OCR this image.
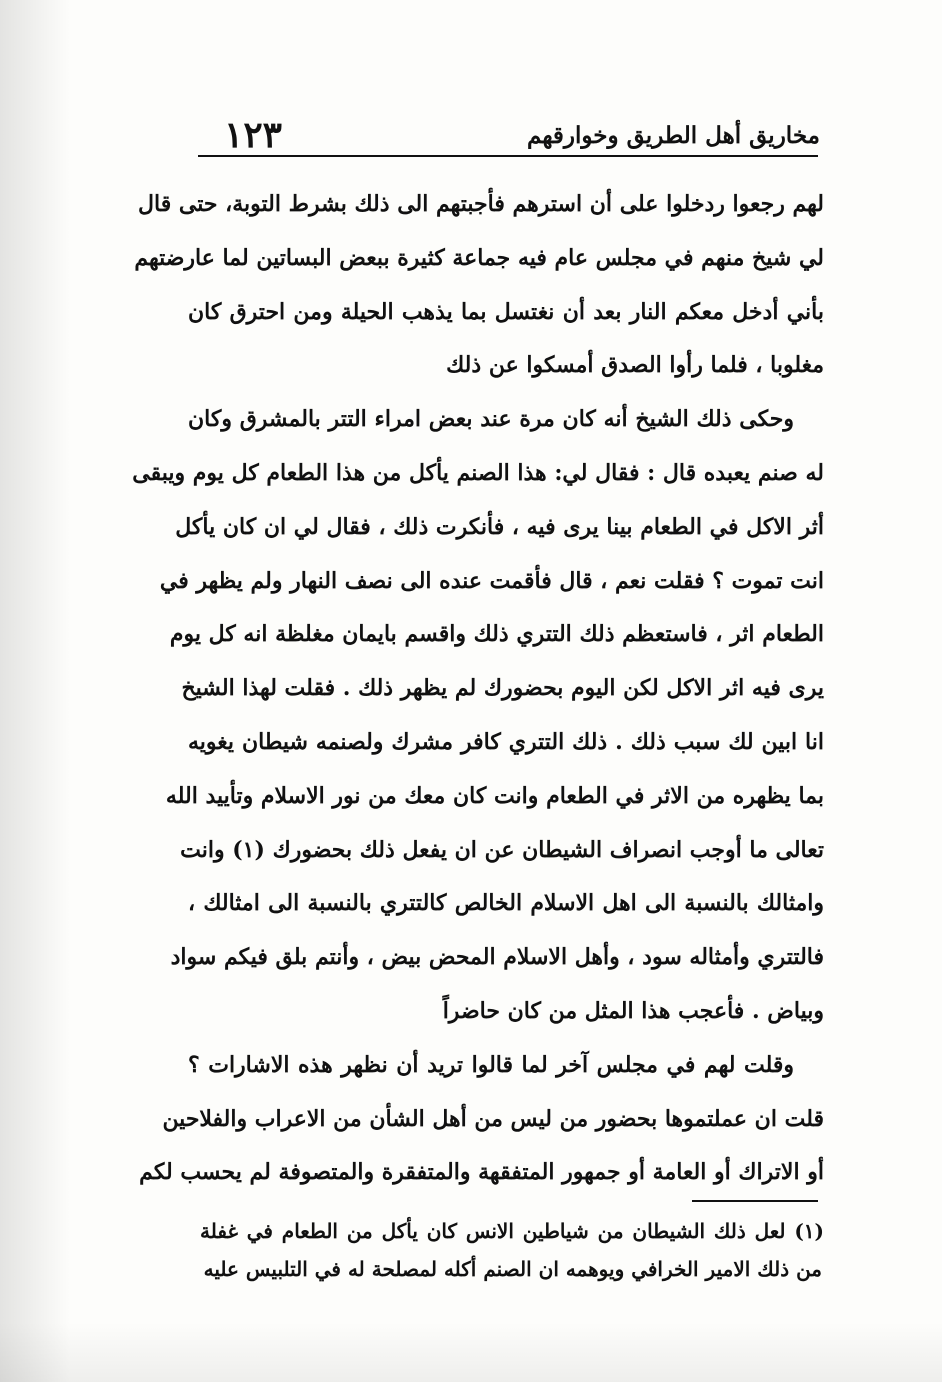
مخاريق أهل الطريق وخوارقهم
١٢٣
لهم رجعوا ردخلوا على أن استرهم فأجبتهم الى ذلك بشرط التوبة، حتى قال
لي شيخ منهم في مجلس عام فيه جماعة كثيرة ببعض البساتين لما عارضتهم
بأني أدخل معكم النار بعد أن نغتسل بما يذهب الحيلة ومن احترق كان
مغلوبا ، فلما رأوا الصدق أمسكوا عن ذلك
وحكى ذلك الشيخ أنه كان مرة عند بعض امراء التتر بالمشرق وكان
له صنم يعبده قال : فقال لي: هذا الصنم يأكل من هذا الطعام كل يوم ويبقى
أثر الاكل في الطعام بينا يرى فيه ، فأنكرت ذلك ، فقال لي ان كان يأكل
انت تموت ؟ فقلت نعم ، قال فأقمت عنده الى نصف النهار ولم يظهر في
الطعام اثر ، فاستعظم ذلك التتري ذلك واقسم بايمان مغلظة انه كل يوم
يرى فيه اثر الاكل لكن اليوم بحضورك لم يظهر ذلك . فقلت لهذا الشيخ
انا ابين لك سبب ذلك . ذلك التتري كافر مشرك ولصنمه شيطان يغويه
بما يظهره من الاثر في الطعام وانت كان معك من نور الاسلام وتأييد الله
تعالى ما أوجب انصراف الشيطان عن ان يفعل ذلك بحضورك (١) وانت
وامثالك بالنسبة الى اهل الاسلام الخالص كالتتري بالنسبة الى امثالك ،
فالتتري وأمثاله سود ، وأهل الاسلام المحض بيض ، وأنتم بلق فيكم سواد
وبياض . فأعجب هذا المثل من كان حاضراً
وقلت لهم في مجلس آخر لما قالوا تريد أن نظهر هذه الاشارات ؟
قلت ان عملتموها بحضور من ليس من أهل الشأن من الاعراب والفلاحين
أو الاتراك أو العامة أو جمهور المتفقهة والمتفقرة والمتصوفة لم يحسب لكم
(١) لعل ذلك الشيطان من شياطين الانس كان يأكل من الطعام في غفلة
من ذلك الامير الخرافي ويوهمه ان الصنم أكله لمصلحة له في التلبيس عليه
